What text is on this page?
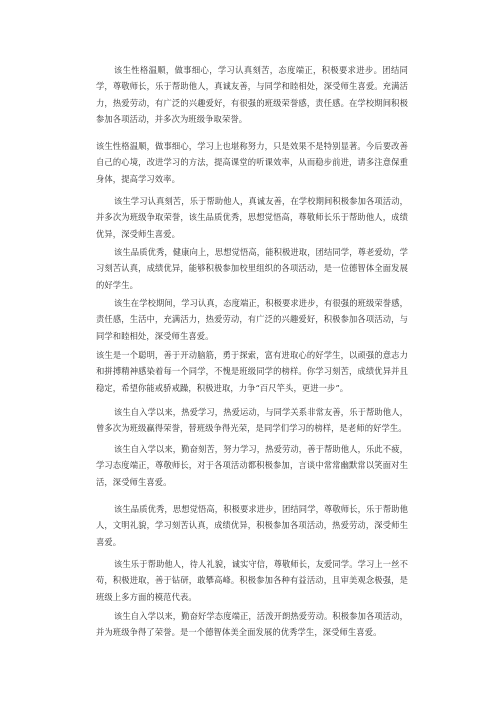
该生性格温顺，做事细心，学习认真刻苦，态度端正，积极要求进步。团结同学，尊敬师长，乐于帮助他人，真诚友善，与同学和睦相处，深受师生喜爱。充满活力，热爱劳动，有广泛的兴趣爱好，有很强的班级荣誉感，责任感。在学校期间积极参加各项活动，并多次为班级争取荣誉。

该生性格温顺，做事细心，学习上也堪称努力，只是效果不是特别显著。今后要改善自己的心境，改进学习的方法，提高课堂的听课效率，从而稳步前进，请多注意保重身体，提高学习效率。

该生学习认真刻苦，乐于帮助他人，真诚友善，在学校期间积极参加各项活动，并多次为班级争取荣誉，该生品质优秀，思想觉悟高，尊敬师长乐于帮助他人，成绩优异，深受师生喜爱。

该生品质优秀，健康向上，思想觉悟高，能积极进取，团结同学，尊老爱幼，学习刻苦认真，成绩优异，能够积极参加校里组织的各项活动，是一位德智体全面发展的好学生。

该生在学校期间，学习认真，态度端正，积极要求进步，有很强的班级荣誉感，责任感，生活中，充满活力，热爱劳动，有广泛的兴趣爱好，积极参加各项活动，与同学和睦相处，深受师生喜爱。

该生是一个聪明，善于开动脑筋，勇于探索，富有进取心的好学生，以顽强的意志力和拼搏精神感染着每一个同学，不愧是班级同学的榜样。你学习刻苦，成绩优异并且稳定，希望你能戒骄戒躁，积极进取，力争“百尺竿头，更进一步”。

该生自入学以来，热爱学习，热爱运动，与同学关系非常友善，乐于帮助他人，曾多次为班级赢得荣誉，替班级争得光荣，是同学们学习的榜样，是老师的好学生。

该生自入学以来，勤奋刻苦，努力学习，热爱劳动，善于帮助他人，乐此不疲，学习态度端正，尊敬师长，对于各项活动都积极参加，言谈中常常幽默常以笑面对生活，深受师生喜爱。

该生品质优秀，思想觉悟高，积极要求进步，团结同学，尊敬师长，乐于帮助他人，文明礼貌，学习刻苦认真，成绩优异，积极参加各项活动，热爱劳动，深受师生喜爱。

该生乐于帮助他人，待人礼貌，诚实守信，尊敬师长，友爱同学。学习上一丝不苟，积极进取，善于钻研，敢攀高峰。积极参加各种有益活动，且审美观念极强，是班级上多方面的模范代表。

该生自入学以来，勤奋好学态度端正，活泼开朗热爱劳动。积极参加各项活动，并为班级争得了荣誉。是一个德智体美全面发展的优秀学生，深受师生喜爱。
